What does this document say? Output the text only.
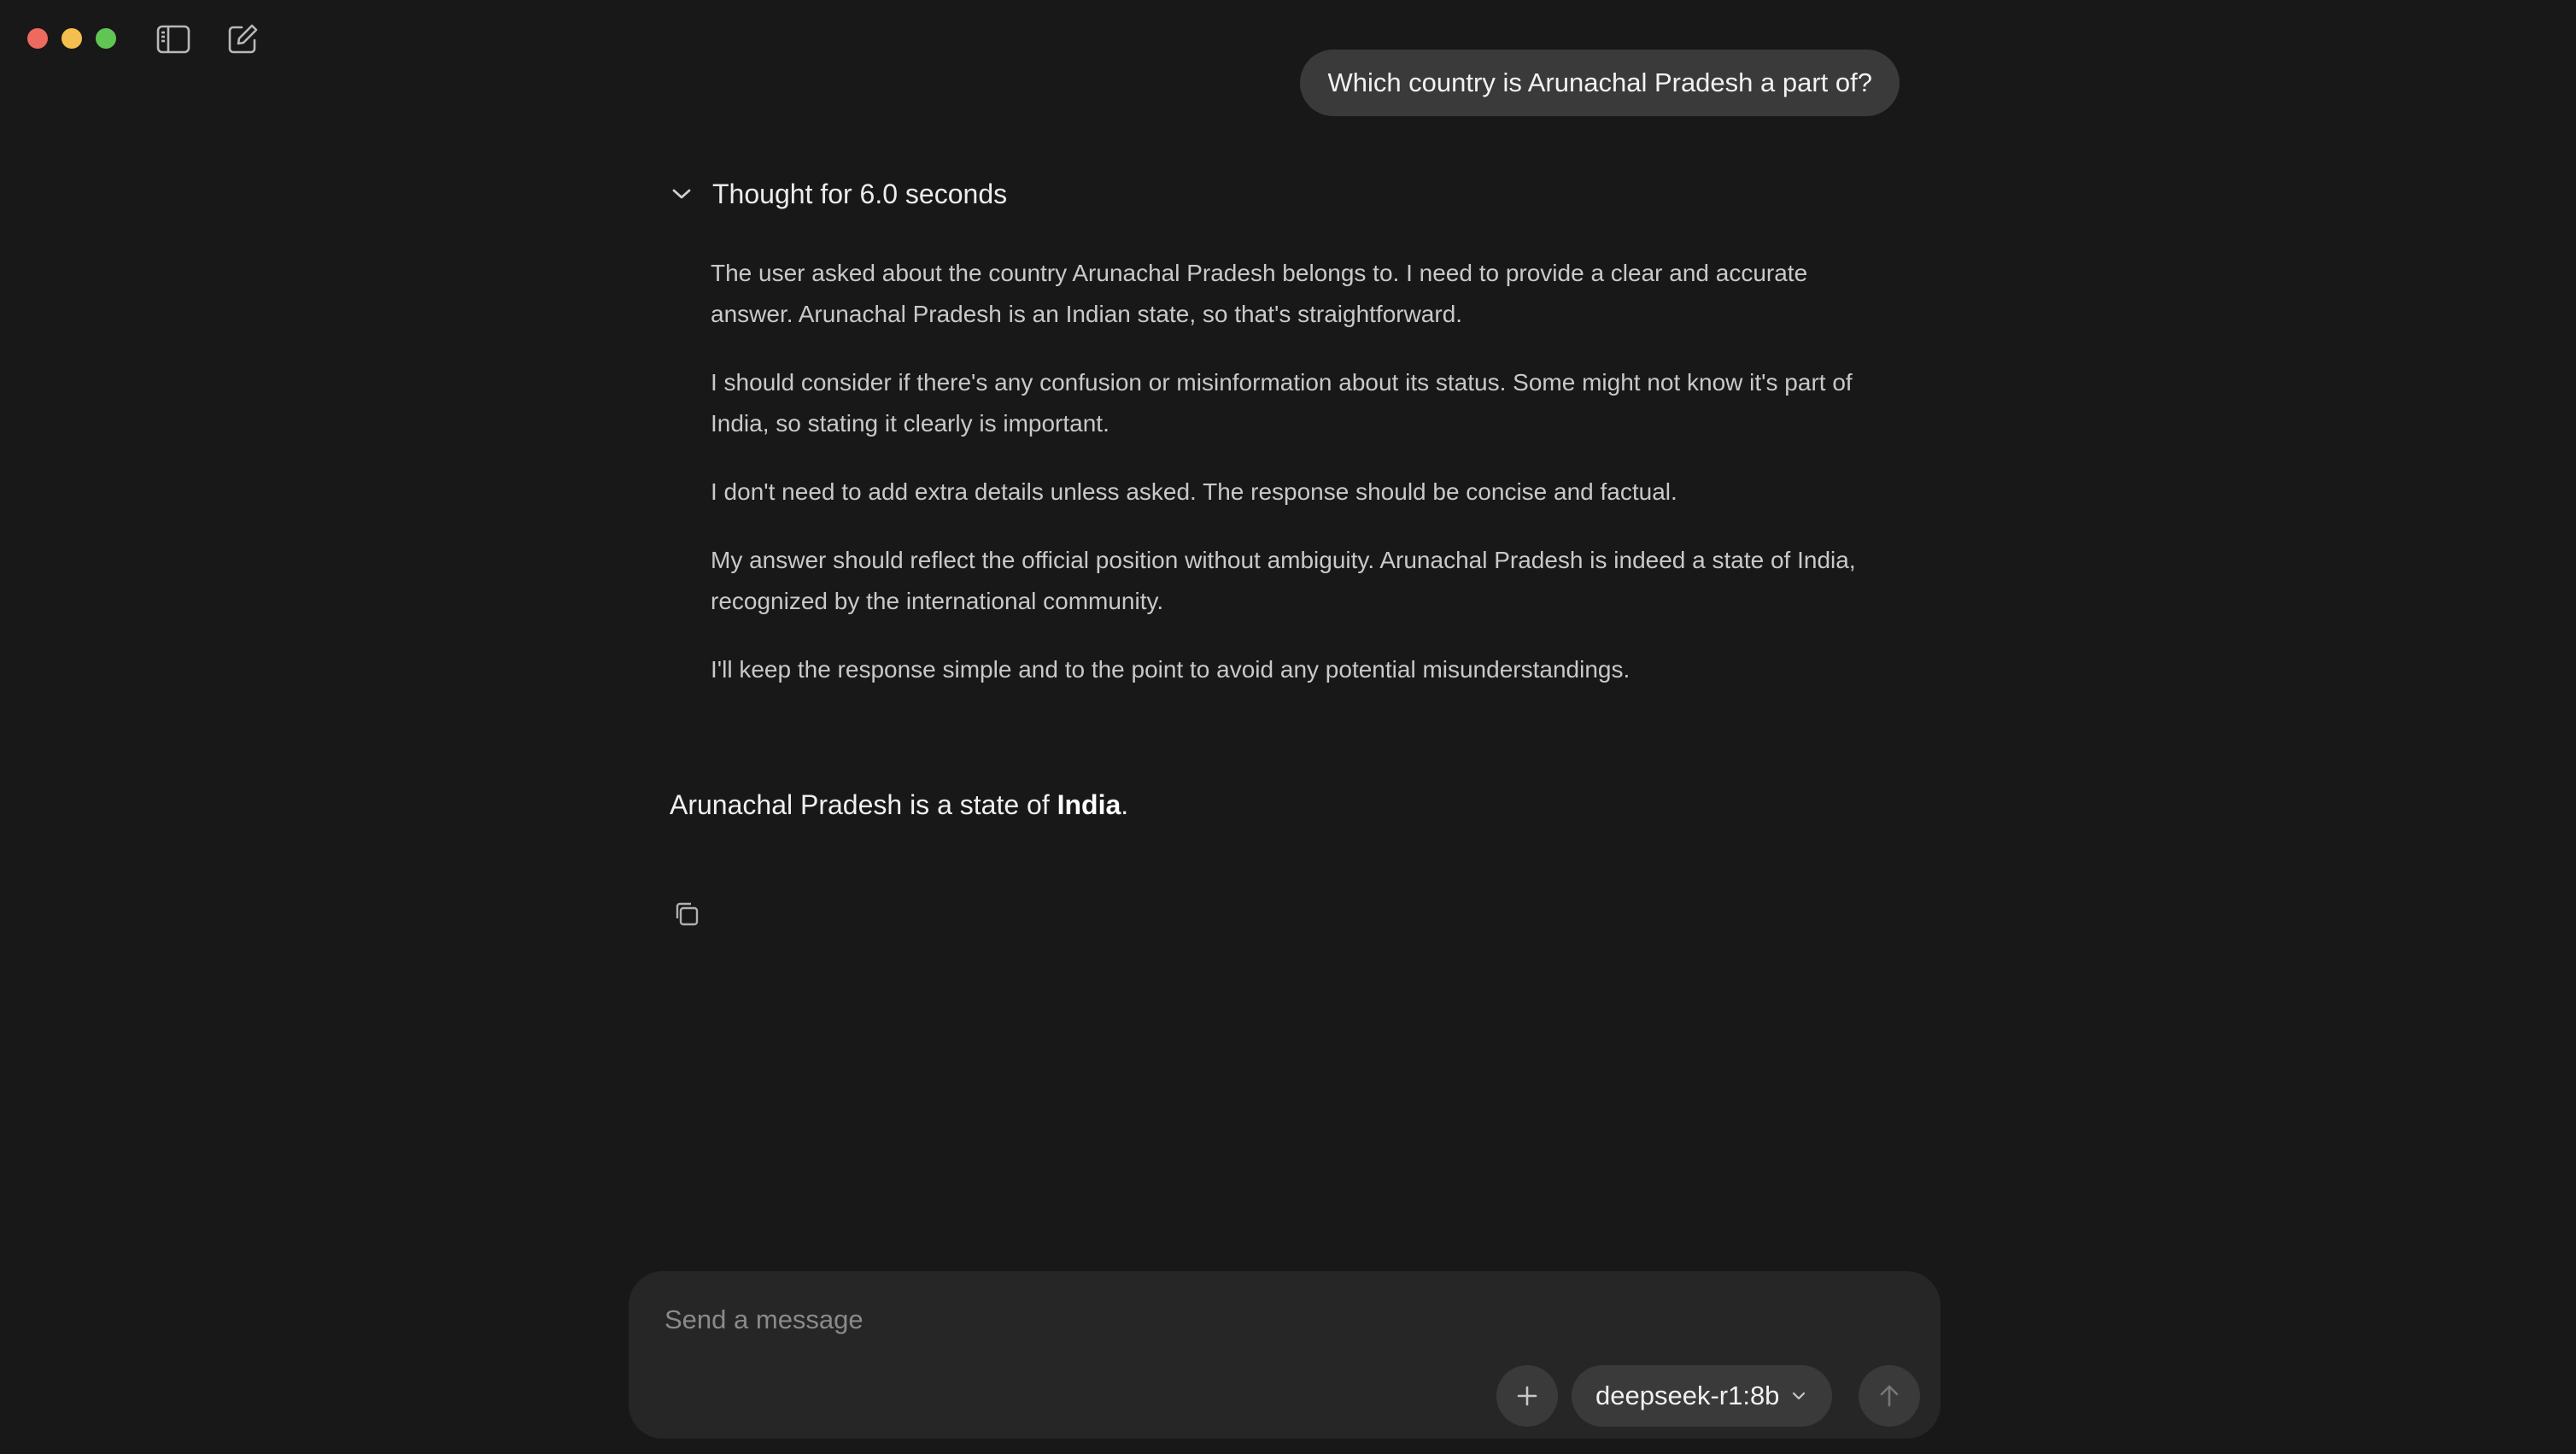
Which country is Arunachal Pradesh a part of?
Thought for 6.0 seconds

The user asked about the country Arunachal Pradesh belongs to. I need to provide a clear and accurate answer. Arunachal Pradesh is an Indian state, so that's straightforward.

I should consider if there's any confusion or misinformation about its status. Some might not know it's part of India, so stating it clearly is important.

I don't need to add extra details unless asked. The response should be concise and factual.

My answer should reflect the official position without ambiguity. Arunachal Pradesh is indeed a state of India, recognized by the international community.

I'll keep the response simple and to the point to avoid any potential misunderstandings.

Arunachal Pradesh is a state of India.
Send a message
deepseek-r1:8b
